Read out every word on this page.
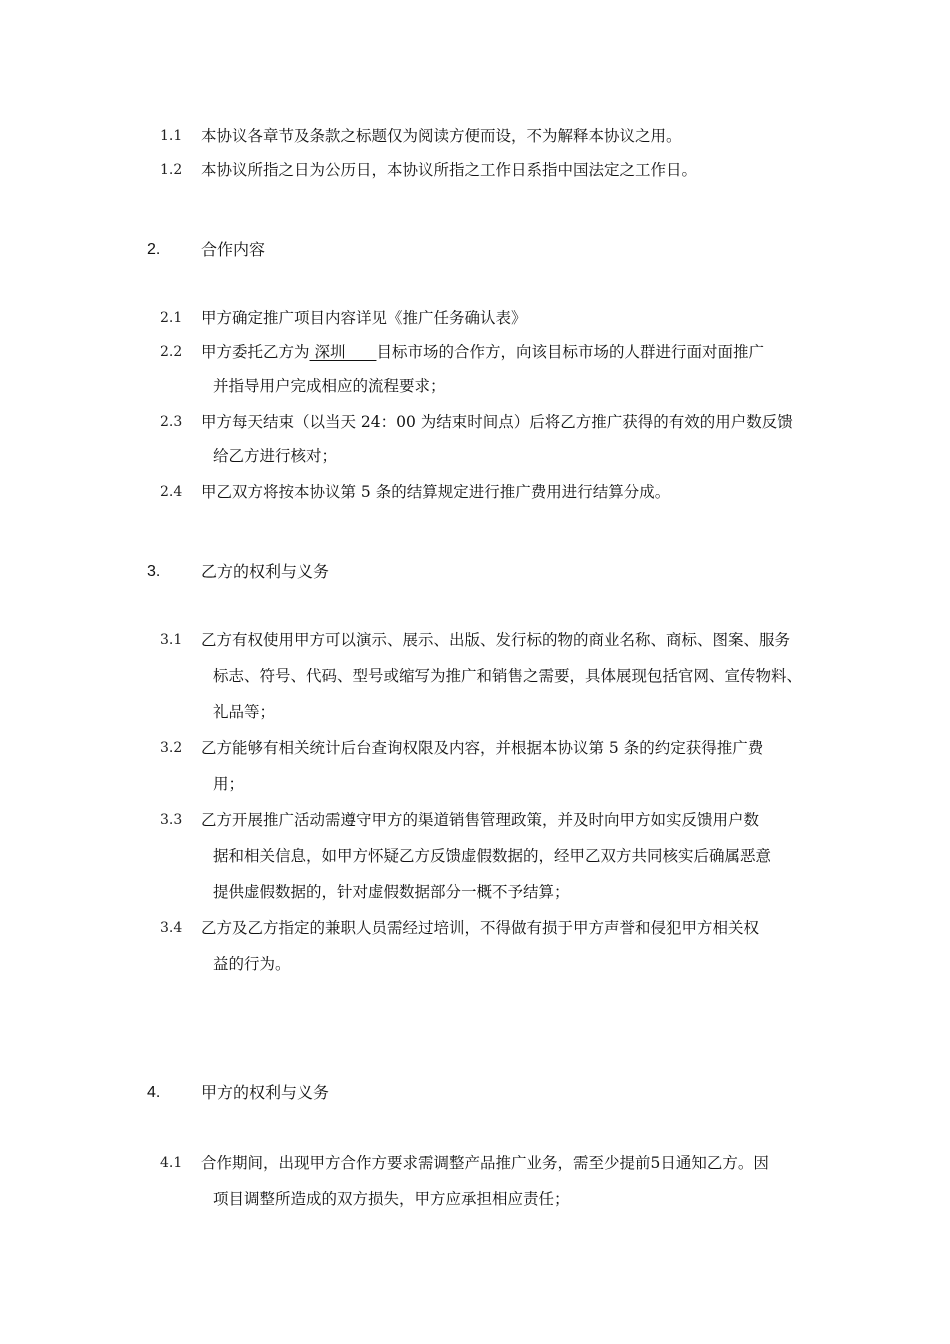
1.1 本协议各章节及条款之标题仅为阅读方便而设，不为解释本协议之用。
1.2 本协议所指之日为公历日，本协议所指之工作日系指中国法定之工作日。
2.	合作内容
2.1 甲方确定推广项目内容详见《推广任务确认表》
2.2 甲方委托乙方为 深圳　　目标市场的合作方，向该目标市场的人群进行面对面推广
并指导用户完成相应的流程要求；
2.3 甲方每天结束（以当天 24：00 为结束时间点）后将乙方推广获得的有效的用户数反馈
给乙方进行核对；
2.4 甲乙双方将按本协议第 5 条的结算规定进行推广费用进行结算分成。
3.	乙方的权利与义务
3.1 乙方有权使用甲方可以演示、展示、出版、发行标的物的商业名称、商标、图案、服务
标志、符号、代码、型号或缩写为推广和销售之需要，具体展现包括官网、宣传物料、
礼品等；
3.2 乙方能够有相关统计后台查询权限及内容，并根据本协议第 5 条的约定获得推广费
用；
3.3 乙方开展推广活动需遵守甲方的渠道销售管理政策，并及时向甲方如实反馈用户数
据和相关信息，如甲方怀疑乙方反馈虚假数据的，经甲乙双方共同核实后确属恶意
提供虚假数据的，针对虚假数据部分一概不予结算；
3.4 乙方及乙方指定的兼职人员需经过培训，不得做有损于甲方声誉和侵犯甲方相关权
益的行为。
4.	甲方的权利与义务
4.1 合作期间，出现甲方合作方要求需调整产品推广业务，需至少提前5日通知乙方。因
项目调整所造成的双方损失，甲方应承担相应责任；
